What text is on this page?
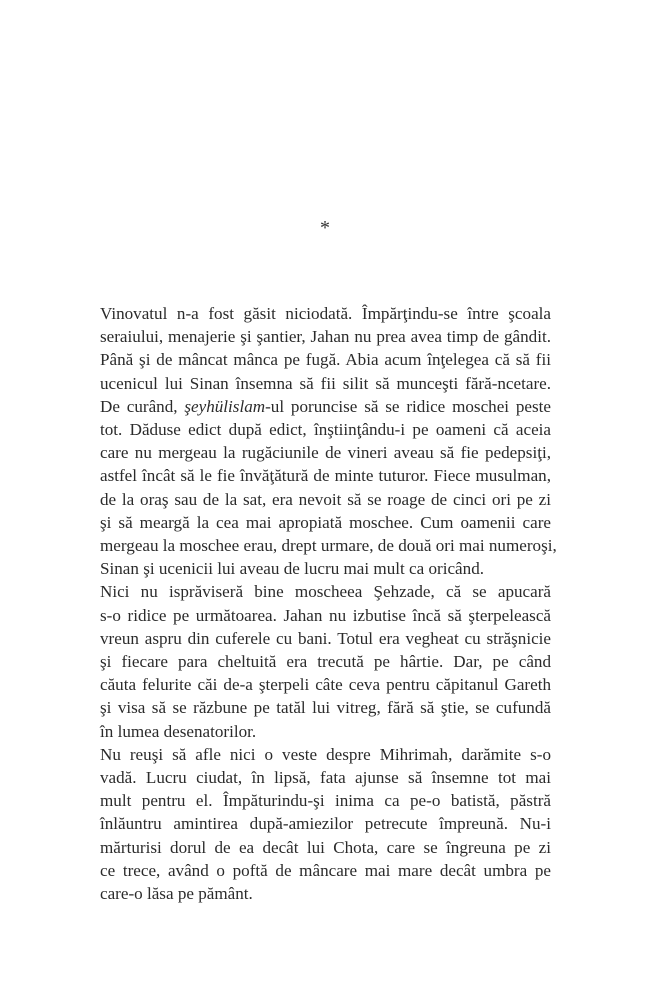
*
Vinovatul n-a fost găsit niciodată. Împărţindu-se între şcoala
seraiului, menajerie şi şantier, Jahan nu prea avea timp de gândit.
Până şi de mâncat mânca pe fugă. Abia acum înţelegea că să fii
ucenicul lui Sinan însemna să fii silit să munceşti fără-ncetare.
De curând, şeyhülislam-ul poruncise să se ridice moschei peste
tot. Dăduse edict după edict, înştiinţându-i pe oameni că aceia
care nu mergeau la rugăciunile de vineri aveau să fie pedepsiţi,
astfel încât să le fie învăţătură de minte tuturor. Fiece musulman,
de la oraş sau de la sat, era nevoit să se roage de cinci ori pe zi
şi să meargă la cea mai apropiată moschee. Cum oamenii care
mergeau la moschee erau, drept urmare, de două ori mai numeroşi,
Sinan şi ucenicii lui aveau de lucru mai mult ca oricând.
Nici nu isprăviseră bine moscheea Şehzade, că se apucară
s-o ridice pe următoarea. Jahan nu izbutise încă să şterpelească
vreun aspru din cuferele cu bani. Totul era vegheat cu străşnicie
şi fiecare para cheltuită era trecută pe hârtie. Dar, pe când
căuta felurite căi de-a şterpeli câte ceva pentru căpitanul Gareth
şi visa să se răzbune pe tatăl lui vitreg, fără să ştie, se cufundă
în lumea desenatorilor.
Nu reuşi să afle nici o veste despre Mihrimah, darămite s-o
vadă. Lucru ciudat, în lipsă, fata ajunse să însemne tot mai
mult pentru el. Împăturindu-şi inima ca pe-o batistă, păstră
înlăuntru amintirea după-amiezilor petrecute împreună. Nu-i
mărturisi dorul de ea decât lui Chota, care se îngreuna pe zi
ce trece, având o poftă de mâncare mai mare decât umbra pe
care-o lăsa pe pământ.
